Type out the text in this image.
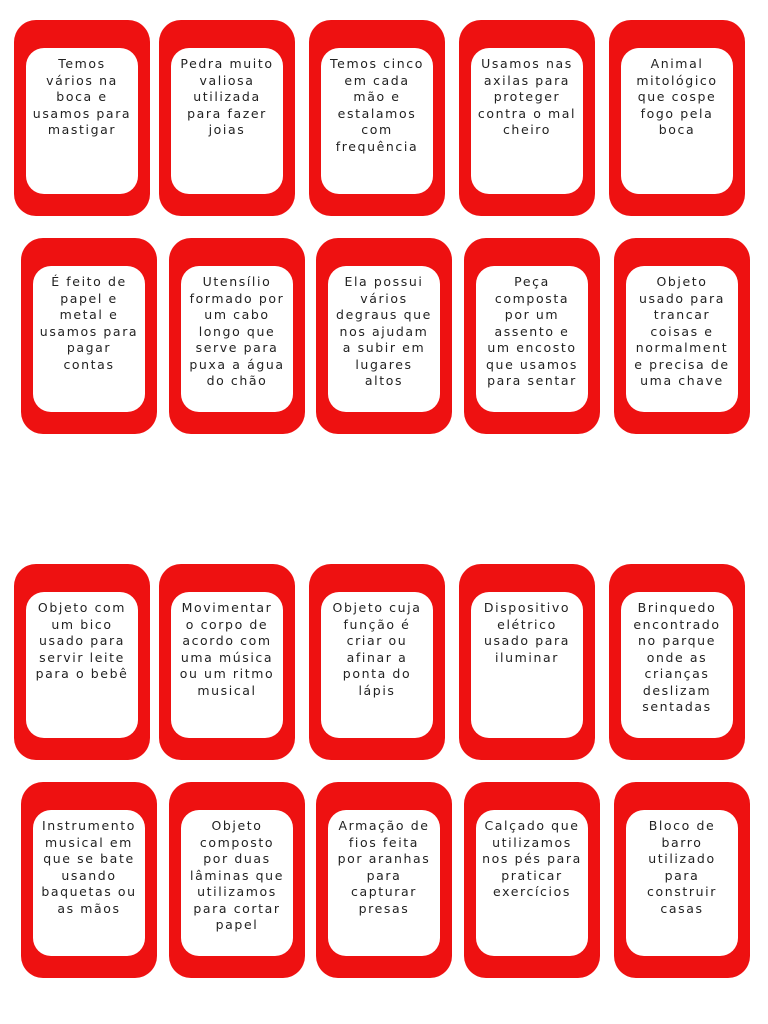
Temos vários na boca e usamos para mastigar
Pedra muito valiosa utilizada para fazer joias
Temos cinco em cada mão e estalamos com frequência
Usamos nas axilas para proteger contra o mal cheiro
Animal mitológico que cospe fogo pela boca
É feito de papel e metal e usamos para pagar contas
Utensílio formado por um cabo longo que serve para puxa a água do chão
Ela possui vários degraus que nos ajudam a subir em lugares altos
Peça composta por um assento e um encosto que usamos para sentar
Objeto usado para trancar coisas e normalmente precisa de uma chave
Objeto com um bico usado para servir leite para o bebê
Movimentar o corpo de acordo com uma música ou um ritmo musical
Objeto cuja função é criar ou afinar a ponta do lápis
Dispositivo elétrico usado para iluminar
Brinquedo encontrado no parque onde as crianças deslizam sentadas
Instrumento musical em que se bate usando baquetas ou as mãos
Objeto composto por duas lâminas que utilizamos para cortar papel
Armação de fios feita por aranhas para capturar presas
Calçado que utilizamos nos pés para praticar exercícios
Bloco de barro utilizado para construir casas
